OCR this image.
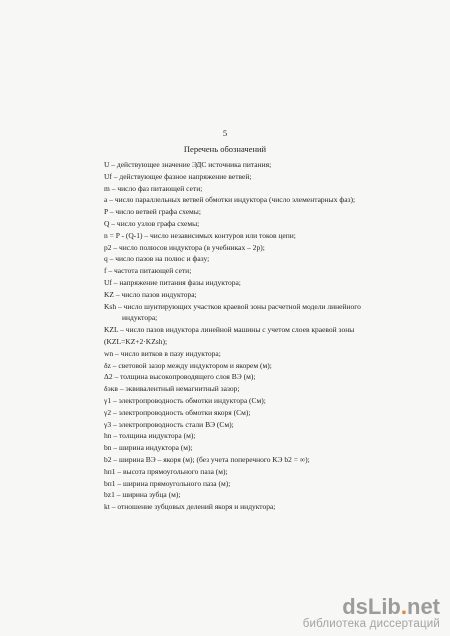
5
Перечень обозначений
U – действующее значение ЭДС источника питания;
Uf – действующее фазное напряжение ветвей;
m – число фаз питающей сети;
a – число параллельных ветвей обмотки индуктора (число элементарных фаз);
P – число ветвей графа схемы;
Q – число узлов графа схемы;
n = P - (Q-1) – число независимых контуров или токов цепи;
p2 – число полюсов индуктора (в учебниках – 2p);
q – число пазов на полюс и фазу;
f – частота питающей сети;
Uf – напряжение питания фазы индуктора;
KZ – число пазов индуктора;
Ksh – число шунтирующих участков краевой зоны расчетной модели линейного
индуктора;
KZL – число пазов индуктора линейной машины с учетом слоев краевой зоны
(KZL=KZ+2·KZsh);
wn – число витков в пазу индуктора;
δz – световой зазор между индуктором и якорем (м);
Δ2 – толщина высокопроводящего слоя ВЭ (м);
δэкв – эквивалентный немагнитный зазор;
γ1 – электропроводность обмотки индуктора (См);
γ2 – электропроводность обмотки якоря (См);
γ3 – электропроводность стали ВЭ (См);
hn – толщина индуктора (м);
bn – ширина индуктора (м);
b2 – ширина ВЭ – якоря (м); (без учета поперечного КЭ b2 = ∞);
hп1 – высота прямоугольного паза (м);
bп1 – ширина прямоугольного паза (м);
bz1 – ширина зубца (м);
kt – отношение зубцовых делений якоря и индуктора;
dsLib.net
библиотека диссертаций
